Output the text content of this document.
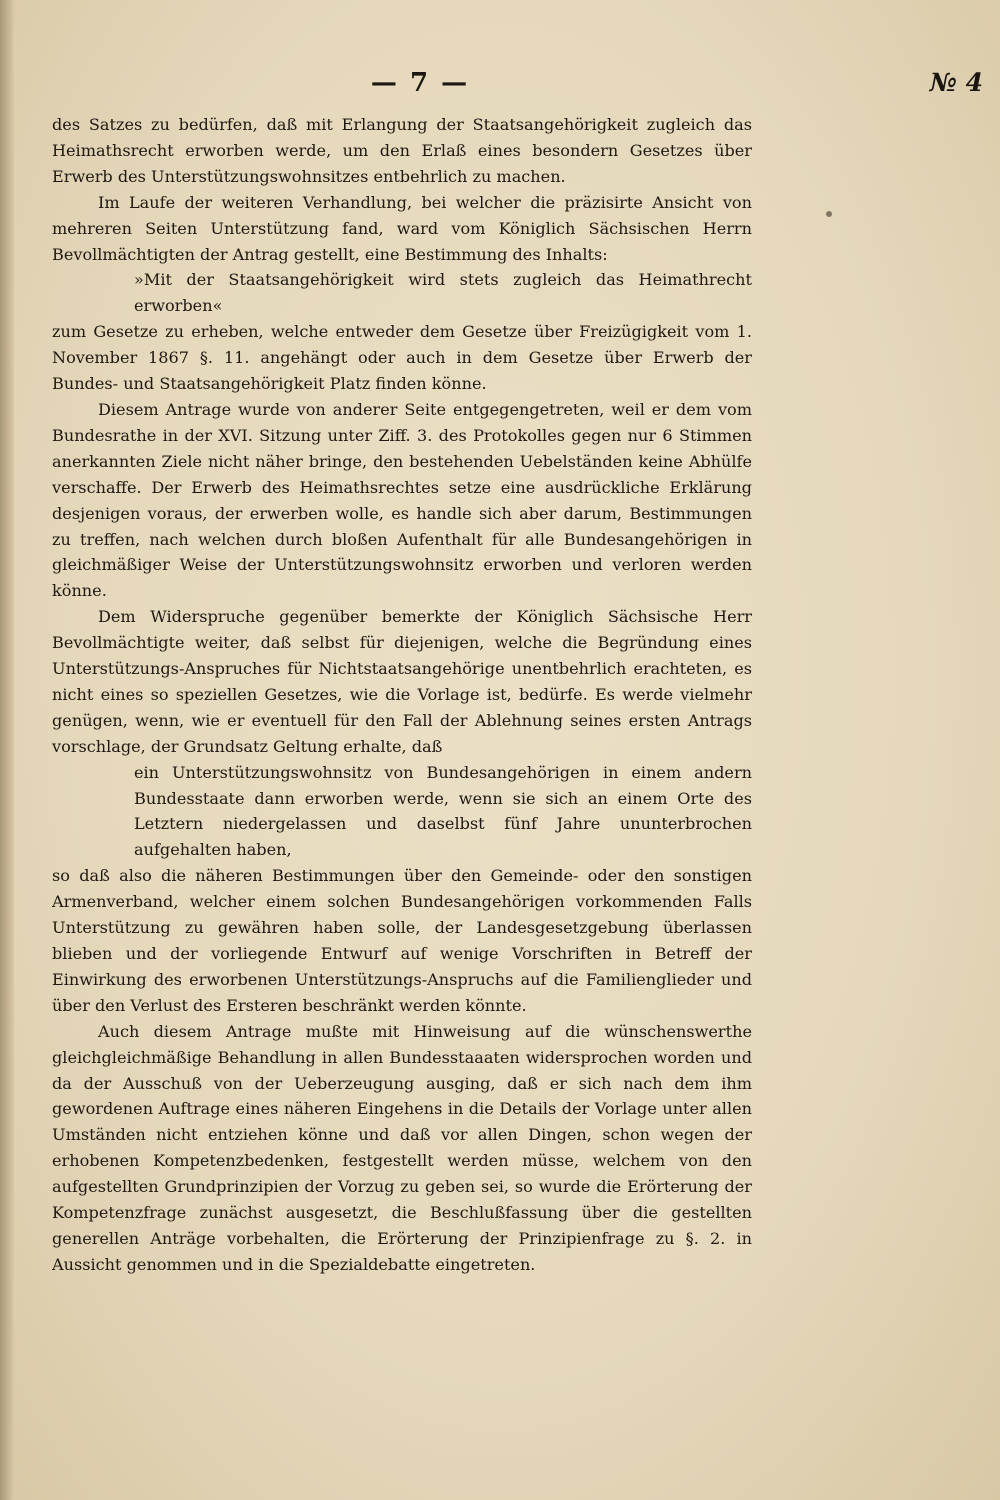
— 7 —	№ 4

des Satzes zu bedürfen, daß mit Erlangung der Staatsangehörigkeit zugleich das Heimathsrecht erworben werde, um den Erlaß eines besondern Gesetzes über Erwerb des Unterstützungswohnsitzes entbehrlich zu machen.

Im Laufe der weiteren Verhandlung, bei welcher die präzisirte Ansicht von mehreren Seiten Unterstützung fand, ward vom Königlich Sächsischen Herrn Bevollmächtigten der Antrag gestellt, eine Bestimmung des Inhalts:

»Mit der Staatsangehörigkeit wird stets zugleich das Heimathrecht erworben«

zum Gesetze zu erheben, welche entweder dem Gesetze über Freizügigkeit vom 1. November 1867 §. 11. angehängt oder auch in dem Gesetze über Erwerb der Bundes- und Staatsangehörigkeit Platz finden könne.

Diesem Antrage wurde von anderer Seite entgegengetreten, weil er dem vom Bundesrathe in der XVI. Sitzung unter Ziff. 3. des Protokolles gegen nur 6 Stimmen anerkannten Ziele nicht näher bringe, den bestehenden Uebelständen keine Abhülfe verschaffe. Der Erwerb des Heimathsrechtes setze eine ausdrückliche Erklärung desjenigen voraus, der erwerben wolle, es handle sich aber darum, Bestimmungen zu treffen, nach welchen durch bloßen Aufenthalt für alle Bundesangehörigen in gleichmäßiger Weise der Unterstützungswohnsitz erworben und verloren werden könne.

Dem Widerspruche gegenüber bemerkte der Königlich Sächsische Herr Bevollmächtigte weiter, daß selbst für diejenigen, welche die Begründung eines Unterstützungs-Anspruches für Nichtstaatsangehörige unentbehrlich erachteten, es nicht eines so speziellen Gesetzes, wie die Vorlage ist, bedürfe. Es werde vielmehr genügen, wenn, wie er eventuell für den Fall der Ablehnung seines ersten Antrags vorschlage, der Grundsatz Geltung erhalte, daß

ein Unterstützungswohnsitz von Bundesangehörigen in einem andern Bundesstaate dann erworben werde, wenn sie sich an einem Orte des Letztern niedergelassen und daselbst fünf Jahre ununterbrochen aufgehalten haben,

so daß also die näheren Bestimmungen über den Gemeinde- oder den sonstigen Armenverband, welcher einem solchen Bundesangehörigen vorkommenden Falls Unterstützung zu gewähren haben solle, der Landesgesetzgebung überlassen blieben und der vorliegende Entwurf auf wenige Vorschriften in Betreff der Einwirkung des erworbenen Unterstützungs-Anspruchs auf die Familienglieder und über den Verlust des Ersteren beschränkt werden könnte.

Auch diesem Antrage mußte mit Hinweisung auf die wünschenswerthe gleichgleichmäßige Behandlung in allen Bundesstaaaten widersprochen worden und da der Ausschuß von der Ueberzeugung ausging, daß er sich nach dem ihm gewordenen Auftrage eines näheren Eingehens in die Details der Vorlage unter allen Umständen nicht entziehen könne und daß vor allen Dingen, schon wegen der erhobenen Kompetenzbedenken, festgestellt werden müsse, welchem von den aufgestellten Grundprinzipien der Vorzug zu geben sei, so wurde die Erörterung der Kompetenzfrage zunächst ausgesetzt, die Beschlußfassung über die gestellten generellen Anträge vorbehalten, die Erörterung der Prinzipienfrage zu §. 2. in Aussicht genommen und in die Spezialdebatte eingetreten.
